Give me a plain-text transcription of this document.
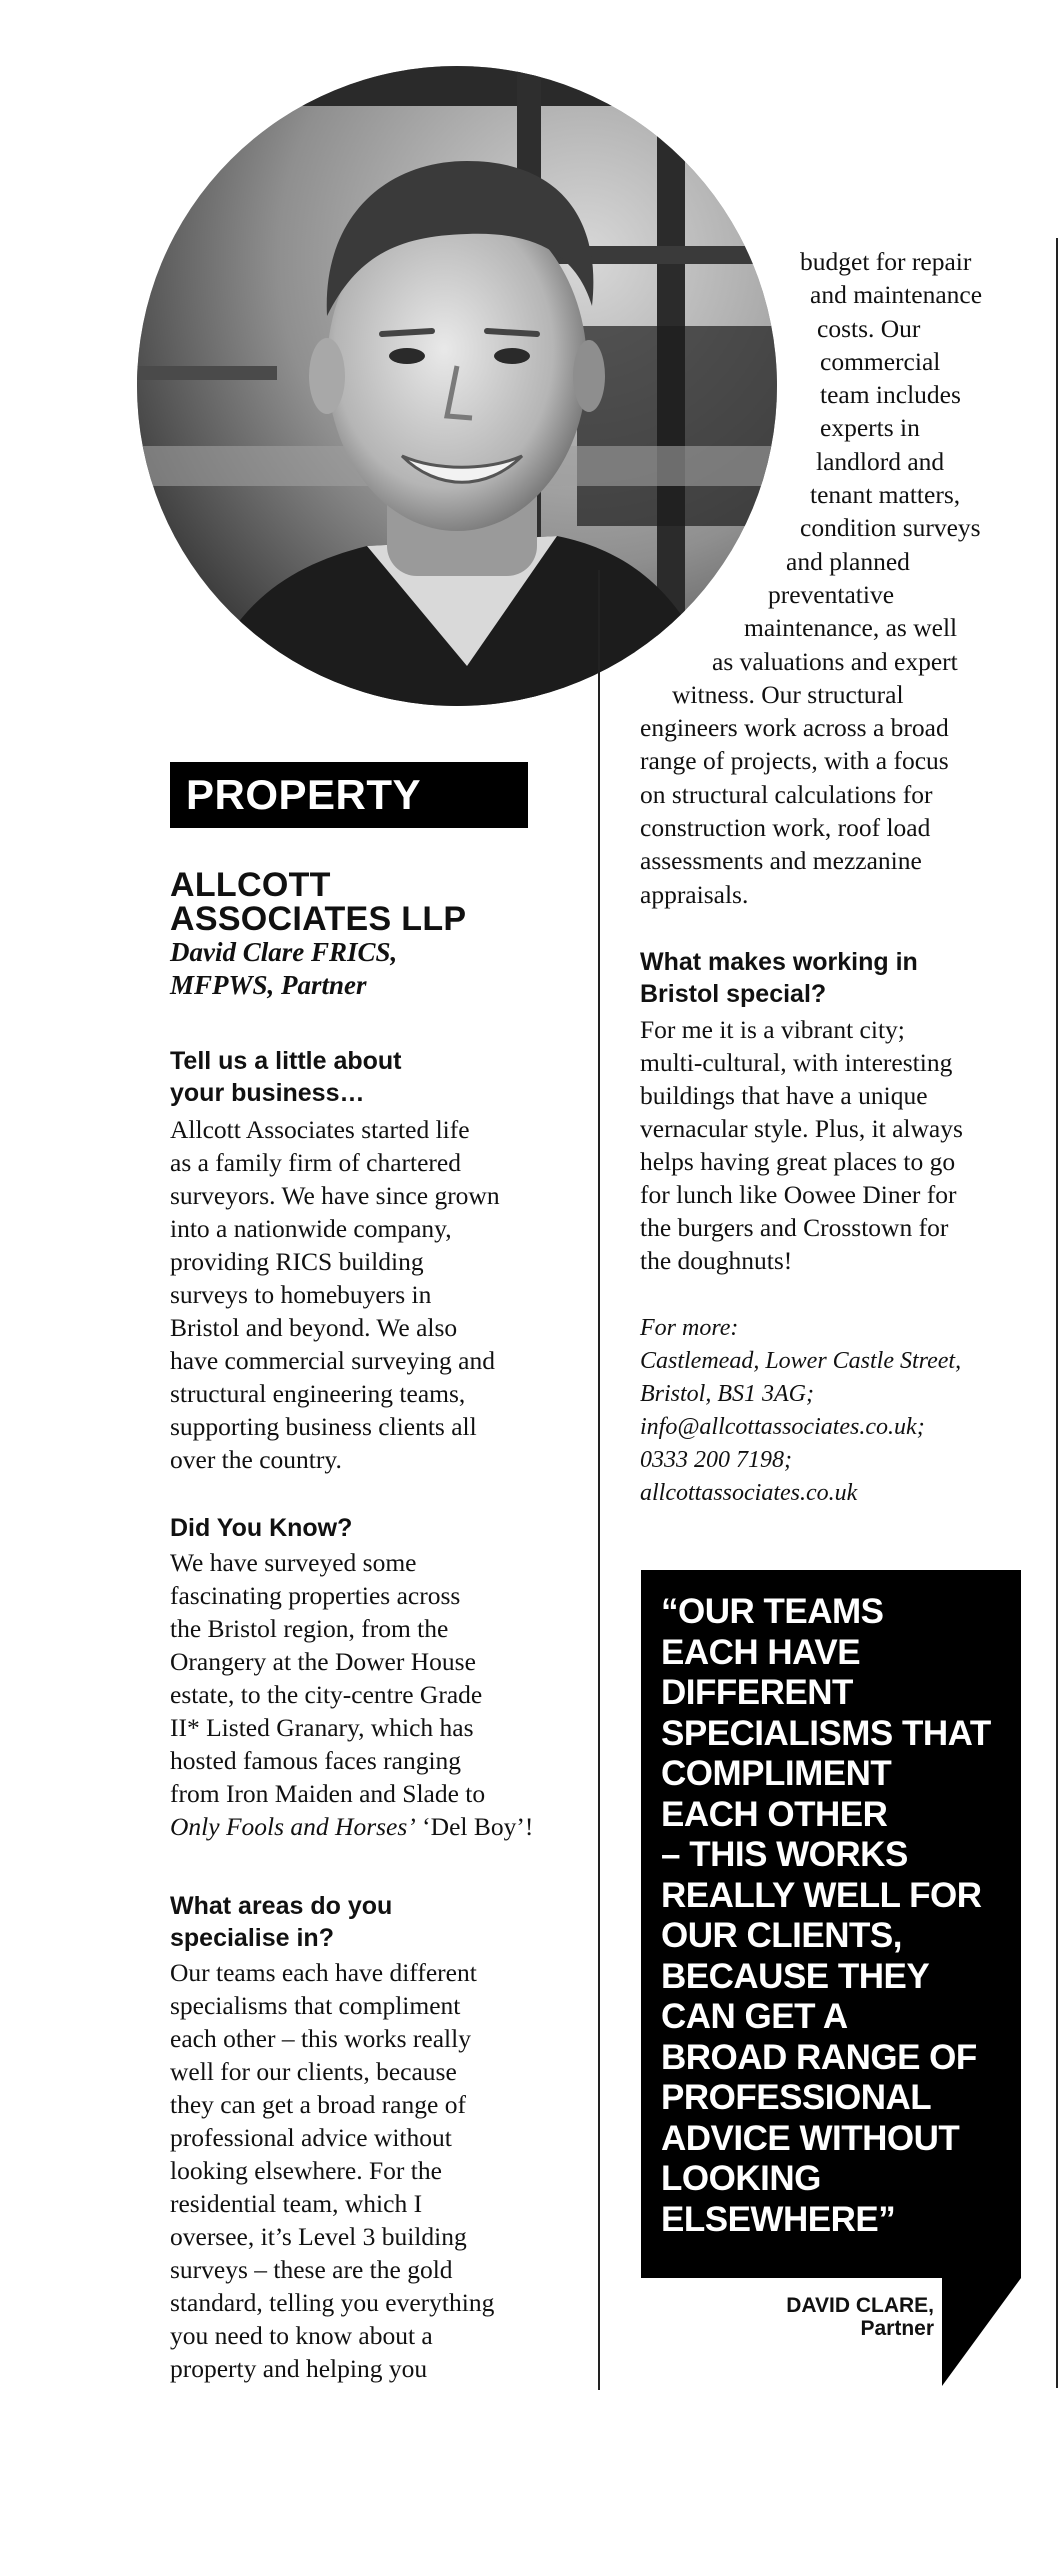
PROPERTY
ALLCOTT
ASSOCIATES LLP
David Clare FRICS,
MFPWS, Partner

Tell us a little about

your business…

Allcott Associates started life

as a family firm of chartered

surveyors. We have since grown

into a nationwide company,

providing RICS building

surveys to homebuyers in

Bristol and beyond. We also

have commercial surveying and

structural engineering teams,

supporting business clients all

over the country.

Did You Know?

We have surveyed some

fascinating properties across

the Bristol region, from the

Orangery at the Dower House

estate, to the city-centre Grade

II* Listed Granary, which has

hosted famous faces ranging

from Iron Maiden and Slade to

Only Fools and Horses’ ‘Del Boy’!

What areas do you

specialise in?

Our teams each have different

specialisms that compliment

each other – this works really

well for our clients, because

they can get a broad range of

professional advice without

looking elsewhere. For the

residential team, which I

oversee, it’s Level 3 building

surveys – these are the gold

standard, telling you everything

you need to know about a

property and helping you

budget for repair
and maintenance
costs. Our
commercial
team includes
experts in
landlord and
tenant matters,
condition surveys
and planned
preventative
maintenance, as well
as valuations and expert
witness. Our structural
engineers work across a broad
range of projects, with a focus
on structural calculations for
construction work, roof load
assessments and mezzanine
appraisals.

What makes working in

Bristol special?

For me it is a vibrant city;

multi-cultural, with interesting

buildings that have a unique

vernacular style. Plus, it always

helps having great places to go

for lunch like Oowee Diner for

the burgers and Crosstown for

the doughnuts!

For more:

Castlemead, Lower Castle Street,

Bristol, BS1 3AG;

info@allcottassociates.co.uk;

0333 200 7198;

allcottassociates.co.uk

“OUR TEAMS
EACH HAVE
DIFFERENT
SPECIALISMS THAT
COMPLIMENT
EACH OTHER
– THIS WORKS
REALLY WELL FOR
OUR CLIENTS,
BECAUSE THEY
CAN GET A
BROAD RANGE OF
PROFESSIONAL
ADVICE WITHOUT
LOOKING
ELSEWHERE”
DAVID CLARE,
Partner
